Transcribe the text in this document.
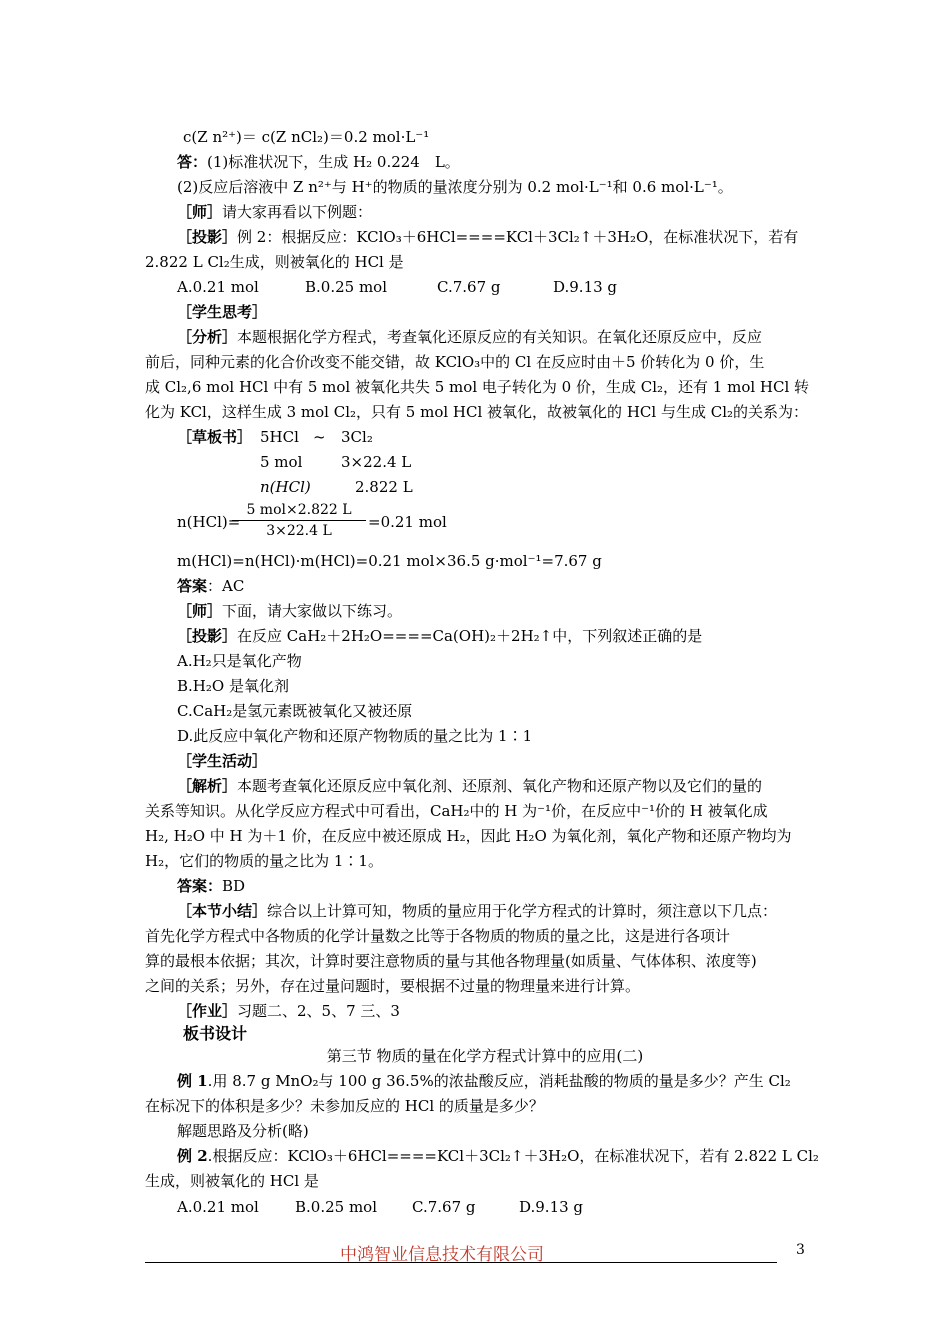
c(Z n²⁺)＝ c(Z nCl₂)＝0.2 mol·L⁻¹
答：(1)标准状况下，生成 H₂ 0.224　L。
(2)反应后溶液中 Z n²⁺与 H⁺的物质的量浓度分别为 0.2 mol·L⁻¹和 0.6 mol·L⁻¹。
［师］请大家再看以下例题：
［投影］例 2：根据反应：KClO₃＋6HCl====KCl＋3Cl₂↑＋3H₂O，在标准状况下，若有
2.822 L Cl₂生成，则被氧化的 HCl 是
A.0.21 mol	B.0.25 mol	C.7.67 g	D.9.13 g
［学生思考］
［分析］本题根据化学方程式，考查氧化还原反应的有关知识。在氧化还原反应中，反应
前后，同种元素的化合价改变不能交错，故 KClO₃中的 Cl 在反应时由＋5 价转化为 0 价，生
成 Cl₂,6 mol HCl 中有 5 mol 被氧化共失 5 mol 电子转化为 0 价，生成 Cl₂，还有 1 mol HCl 转
化为 KCl，这样生成 3 mol Cl₂，只有 5 mol HCl 被氧化，故被氧化的 HCl 与生成 Cl₂的关系为：
［草板书］ 5HCl ~ 3Cl₂
5 mol	3×22.4 L
n(HCl)	2.822 L
n(HCl)=
5 mol×2.822 L
3×22.4 L	=0.21 mol
m(HCl)=n(HCl)·m(HCl)=0.21 mol×36.5 g·mol⁻¹=7.67 g
答案：AC
［师］下面，请大家做以下练习。
［投影］在反应 CaH₂＋2H₂O====Ca(OH)₂＋2H₂↑中，下列叙述正确的是
A.H₂只是氧化产物
B.H₂O 是氧化剂
C.CaH₂是氢元素既被氧化又被还原
D.此反应中氧化产物和还原产物物质的量之比为 1∶1
［学生活动］
［解析］本题考查氧化还原反应中氧化剂、还原剂、氧化产物和还原产物以及它们的量的
关系等知识。从化学反应方程式中可看出，CaH₂中的 H 为⁻¹价，在反应中⁻¹价的 H 被氧化成
H₂, H₂O 中 H 为＋1 价，在反应中被还原成 H₂，因此 H₂O 为氧化剂，氧化产物和还原产物均为
H₂，它们的物质的量之比为 1∶1。
答案：BD
［本节小结］综合以上计算可知，物质的量应用于化学方程式的计算时，须注意以下几点：
首先化学方程式中各物质的化学计量数之比等于各物质的物质的量之比，这是进行各项计
算的最根本依据；其次，计算时要注意物质的量与其他各物理量(如质量、气体体积、浓度等)
之间的关系；另外，存在过量问题时，要根据不过量的物理量来进行计算。
［作业］习题二、2、5、7 三、3
板书设计
第三节 物质的量在化学方程式计算中的应用(二)
例 1.用 8.7 g MnO₂与 100 g 36.5%的浓盐酸反应，消耗盐酸的物质的量是多少？产生 Cl₂
在标况下的体积是多少？未参加反应的 HCl 的质量是多少？
解题思路及分析(略)
例 2.根据反应：KClO₃＋6HCl====KCl＋3Cl₂↑＋3H₂O，在标准状况下，若有 2.822 L Cl₂
生成，则被氧化的 HCl 是
A.0.21 mol B.0.25 mol C.7.67 g	D.9.13 g
中鸿智业信息技术有限公司	3
